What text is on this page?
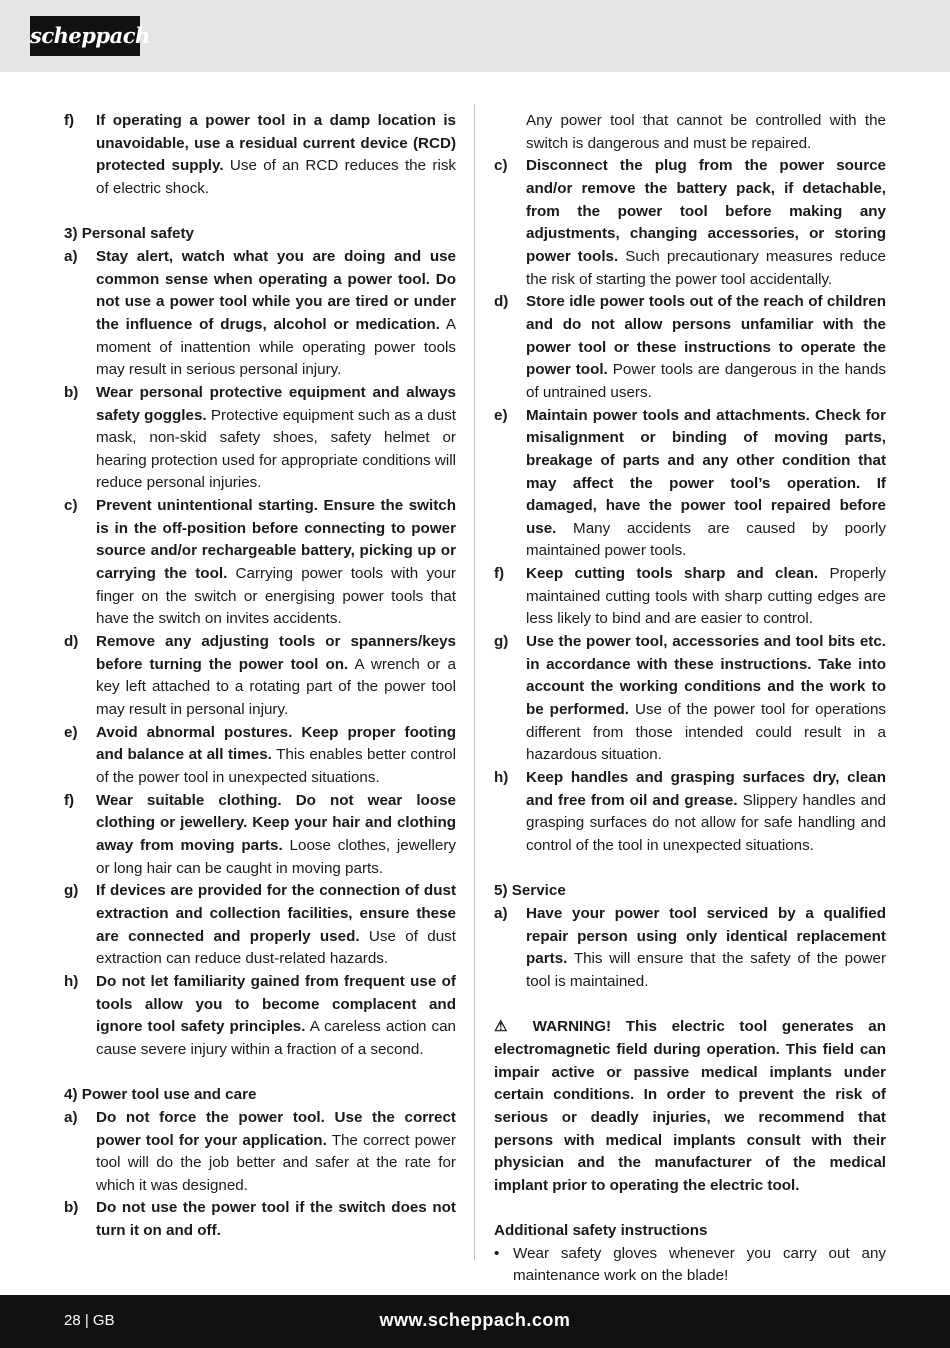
scheppach
f)	If operating a power tool in a damp location is unavoidable, use a residual current device (RCD) protected supply. Use of an RCD reduces the risk of electric shock.
3) Personal safety
a)	Stay alert, watch what you are doing and use common sense when operating a power tool. Do not use a power tool while you are tired or under the influence of drugs, alcohol or medication. A moment of inattention while operating power tools may result in serious personal injury.
b)	Wear personal protective equipment and always safety goggles. Protective equipment such as a dust mask, non-skid safety shoes, safety helmet or hearing protection used for appropriate conditions will reduce personal injuries.
c)	Prevent unintentional starting. Ensure the switch is in the off-position before connecting to power source and/or rechargeable battery, picking up or carrying the tool. Carrying power tools with your finger on the switch or energising power tools that have the switch on invites accidents.
d)	Remove any adjusting tools or spanners/keys before turning the power tool on. A wrench or a key left attached to a rotating part of the power tool may result in personal injury.
e)	Avoid abnormal postures. Keep proper footing and balance at all times. This enables better control of the power tool in unexpected situations.
f)	Wear suitable clothing. Do not wear loose clothing or jewellery. Keep your hair and clothing away from moving parts. Loose clothes, jewellery or long hair can be caught in moving parts.
g)	If devices are provided for the connection of dust extraction and collection facilities, ensure these are connected and properly used. Use of dust extraction can reduce dust-related hazards.
h)	Do not let familiarity gained from frequent use of tools allow you to become complacent and ignore tool safety principles. A careless action can cause severe injury within a fraction of a second.
4) Power tool use and care
a)	Do not force the power tool. Use the correct power tool for your application. The correct power tool will do the job better and safer at the rate for which it was designed.
b)	Do not use the power tool if the switch does not turn it on and off.
Any power tool that cannot be controlled with the switch is dangerous and must be repaired.
c)	Disconnect the plug from the power source and/or remove the battery pack, if detachable, from the power tool before making any adjustments, changing accessories, or storing power tools. Such precautionary measures reduce the risk of starting the power tool accidentally.
d)	Store idle power tools out of the reach of children and do not allow persons unfamiliar with the power tool or these instructions to operate the power tool. Power tools are dangerous in the hands of untrained users.
e)	Maintain power tools and attachments. Check for misalignment or binding of moving parts, breakage of parts and any other condition that may affect the power tool’s operation. If damaged, have the power tool repaired before use. Many accidents are caused by poorly maintained power tools.
f)	Keep cutting tools sharp and clean. Properly maintained cutting tools with sharp cutting edges are less likely to bind and are easier to control.
g)	Use the power tool, accessories and tool bits etc. in accordance with these instructions. Take into account the working conditions and the work to be performed. Use of the power tool for operations different from those intended could result in a hazardous situation.
h)	Keep handles and grasping surfaces dry, clean and free from oil and grease. Slippery handles and grasping surfaces do not allow for safe handling and control of the tool in unexpected situations.
5) Service
a)	Have your power tool serviced by a qualified repair person using only identical replacement parts. This will ensure that the safety of the power tool is maintained.
⚠ WARNING! This electric tool generates an electromagnetic field during operation. This field can impair active or passive medical implants under certain conditions. In order to prevent the risk of serious or deadly injuries, we recommend that persons with medical implants consult with their physician and the manufacturer of the medical implant prior to operating the electric tool.
Additional safety instructions
• Wear safety gloves whenever you carry out any maintenance work on the blade!
28 | GB	www.scheppach.com
